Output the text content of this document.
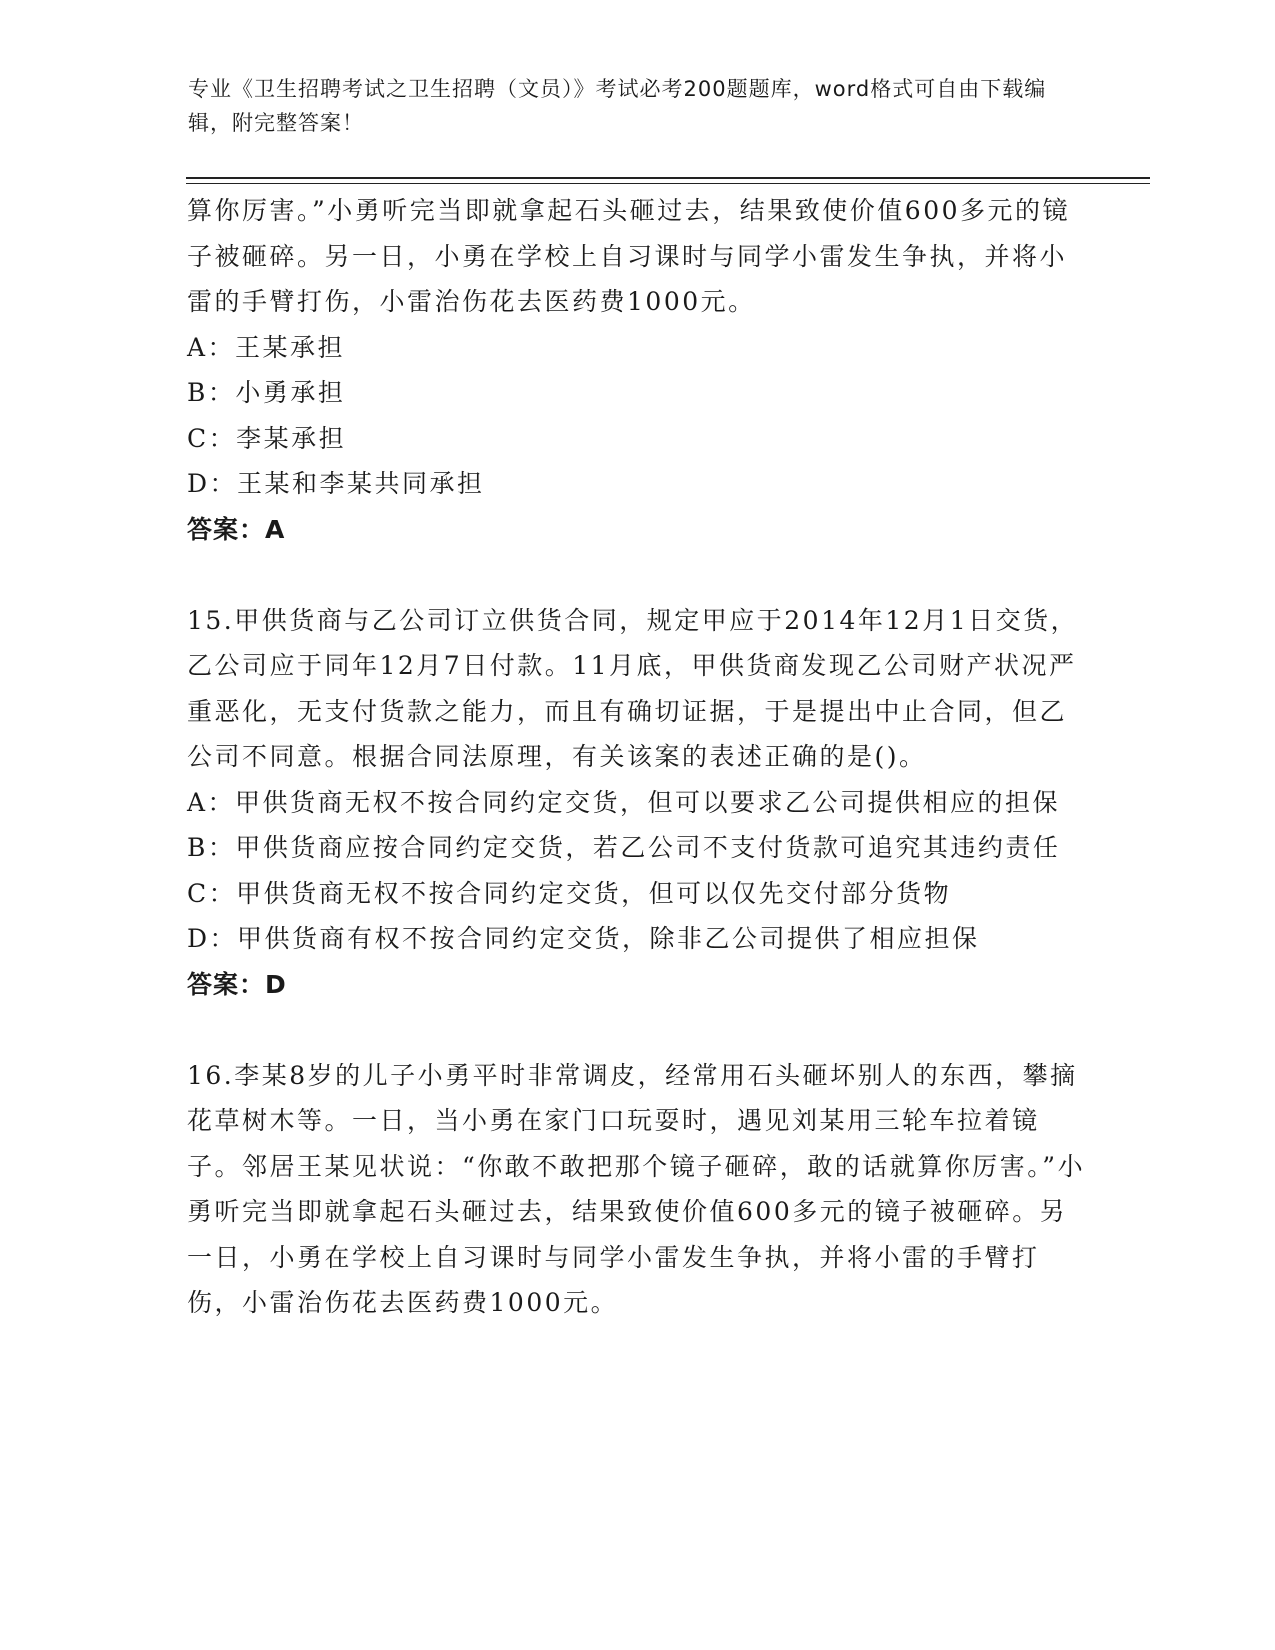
专业《卫生招聘考试之卫生招聘（文员）》考试必考200题题库，word格式可自由下载编辑，附完整答案！

算你厉害。”小勇听完当即就拿起石头砸过去，结果致使价值600多元的镜子被砸碎。另一日，小勇在学校上自习课时与同学小雷发生争执，并将小雷的手臂打伤，小雷治伤花去医药费1000元。

A：王某承担

B：小勇承担

C：李某承担

D：王某和李某共同承担

答案：A

15.甲供货商与乙公司订立供货合同，规定甲应于2014年12月1日交货，乙公司应于同年12月7日付款。11月底，甲供货商发现乙公司财产状况严重恶化，无支付货款之能力，而且有确切证据，于是提出中止合同，但乙公司不同意。根据合同法原理，有关该案的表述正确的是()。

A：甲供货商无权不按合同约定交货，但可以要求乙公司提供相应的担保

B：甲供货商应按合同约定交货，若乙公司不支付货款可追究其违约责任

C：甲供货商无权不按合同约定交货，但可以仅先交付部分货物

D：甲供货商有权不按合同约定交货，除非乙公司提供了相应担保

答案：D

16.李某8岁的儿子小勇平时非常调皮，经常用石头砸坏别人的东西，攀摘花草树木等。一日，当小勇在家门口玩耍时，遇见刘某用三轮车拉着镜子。邻居王某见状说：“你敢不敢把那个镜子砸碎，敢的话就算你厉害。”小勇听完当即就拿起石头砸过去，结果致使价值600多元的镜子被砸碎。另一日，小勇在学校上自习课时与同学小雷发生争执，并将小雷的手臂打伤，小雷治伤花去医药费1000元。
